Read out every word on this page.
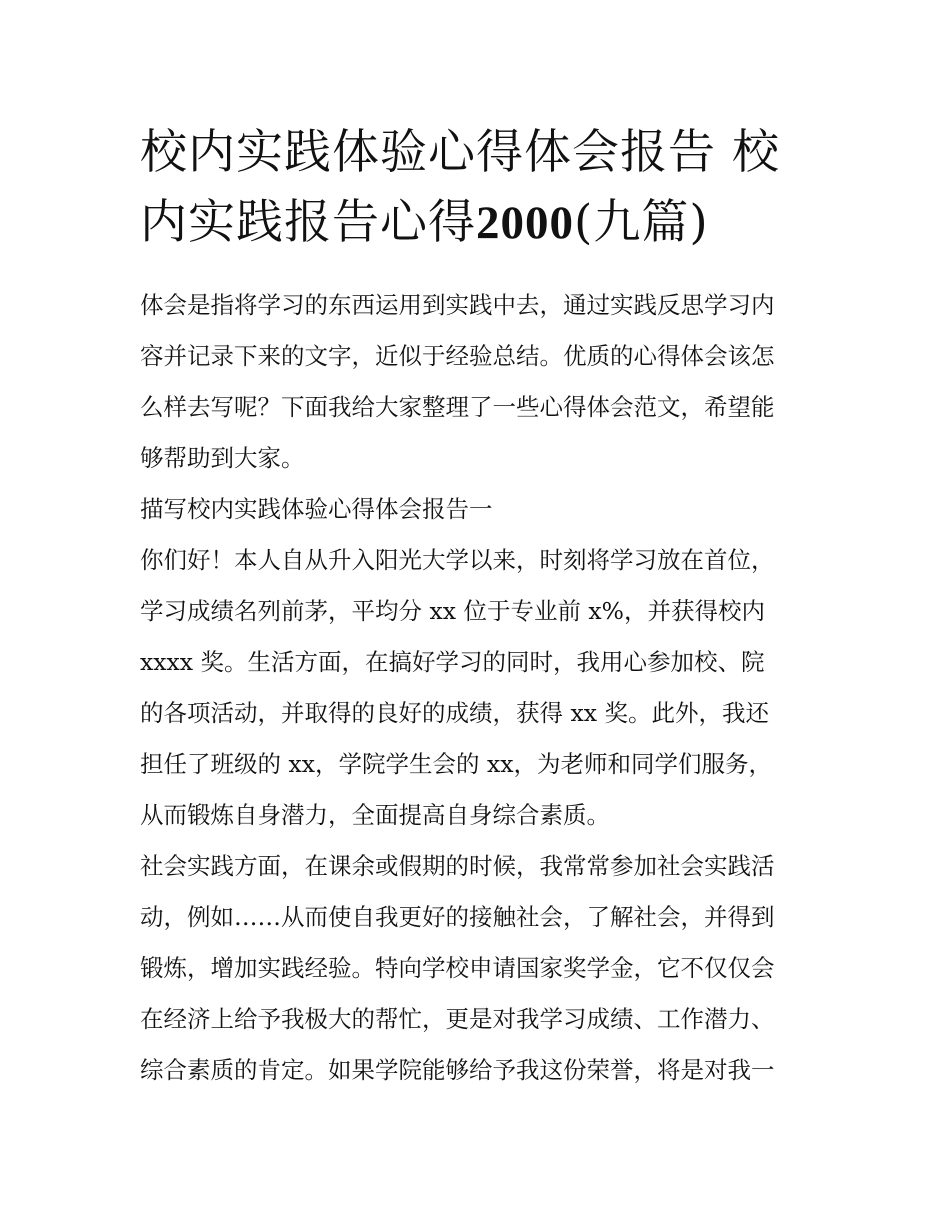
校内实践体验心得体会报告 校
内实践报告心得2000(九篇)

体会是指将学习的东西运用到实践中去，通过实践反思学习内
容并记录下来的文字，近似于经验总结。优质的心得体会该怎
么样去写呢？下面我给大家整理了一些心得体会范文，希望能
够帮助到大家。

描写校内实践体验心得体会报告一

你们好！本人自从升入阳光大学以来，时刻将学习放在首位，
学习成绩名列前茅，平均分 xx 位于专业前 x%，并获得校内
xxxx 奖。生活方面，在搞好学习的同时，我用心参加校、院
的各项活动，并取得的良好的成绩，获得 xx 奖。此外，我还
担任了班级的 xx，学院学生会的 xx，为老师和同学们服务，
从而锻炼自身潜力，全面提高自身综合素质。

社会实践方面，在课余或假期的时候，我常常参加社会实践活
动，例如……从而使自我更好的接触社会，了解社会，并得到
锻炼，增加实践经验。特向学校申请国家奖学金，它不仅仅会
在经济上给予我极大的帮忙，更是对我学习成绩、工作潜力、
综合素质的肯定。如果学院能够给予我这份荣誉，将是对我一
